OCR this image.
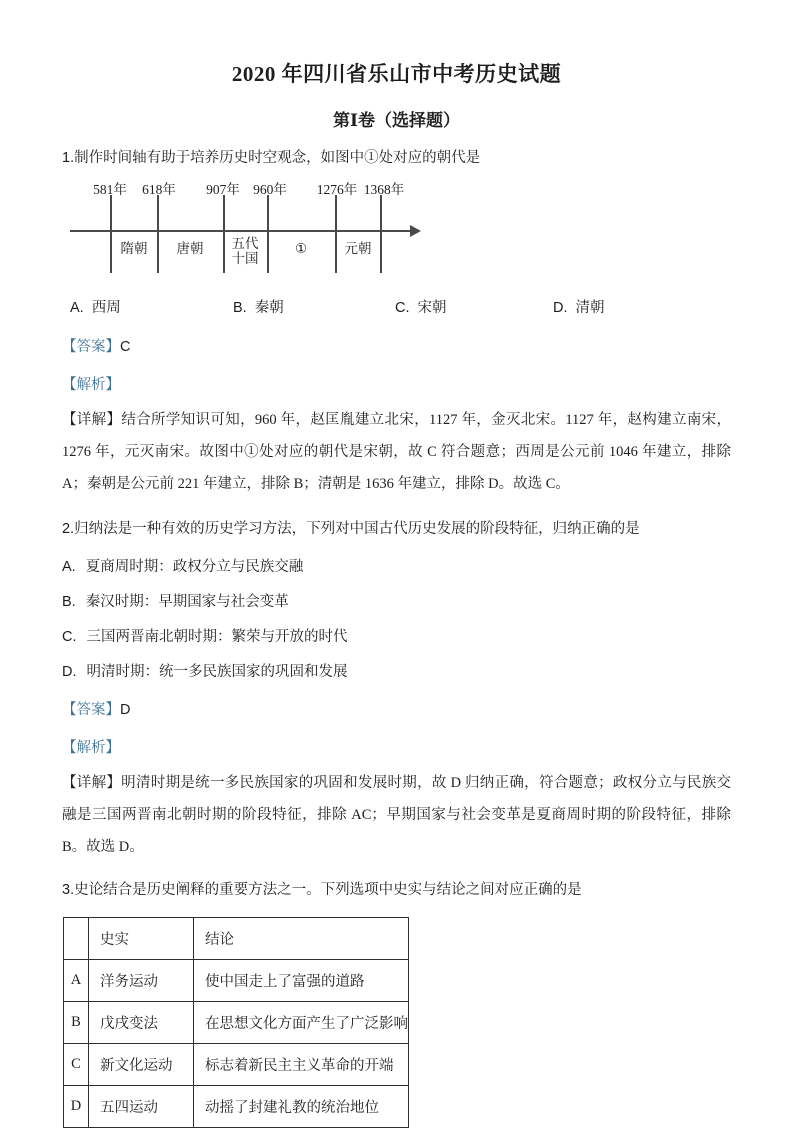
2020 年四川省乐山市中考历史试题
第Ⅰ卷（选择题）
1.制作时间轴有助于培养历史时空观念，如图中①处对应的朝代是
581年 618年 907年 960年 1276年 1368年
隋朝 唐朝 五代十国
①	元朝
A. 西周	B. 秦朝	C. 宋朝	D. 清朝
【答案】C
【解析】

【详解】结合所学知识可知，960 年，赵匡胤建立北宋，1127 年，金灭北宋。1127 年，赵构建立南宋，1276 年，元灭南宋。故图中①处对应的朝代是宋朝，故 C 符合题意；西周是公元前 1046 年建立，排除 A；秦朝是公元前 221 年建立，排除 B；清朝是 1636 年建立，排除 D。故选 C。

2.归纳法是一种有效的历史学习方法，下列对中国古代历史发展的阶段特征，归纳正确的是
A. 夏商周时期：政权分立与民族交融
B. 秦汉时期：早期国家与社会变革
C. 三国两晋南北朝时期：繁荣与开放的时代
D. 明清时期：统一多民族国家的巩固和发展
【答案】D
【解析】

【详解】明清时期是统一多民族国家的巩固和发展时期，故 D 归纳正确，符合题意；政权分立与民族交融是三国两晋南北朝时期的阶段特征，排除 AC；早期国家与社会变革是夏商周时期的阶段特征，排除 B。故选 D。

3.史论结合是历史阐释的重要方法之一。下列选项中史实与结论之间对应正确的是
	史实	结论
A	洋务运动	使中国走上了富强的道路
B	戊戌变法	在思想文化方面产生了广泛影响
C	新文化运动	标志着新民主主义革命的开端
D	五四运动	动摇了封建礼教的统治地位
